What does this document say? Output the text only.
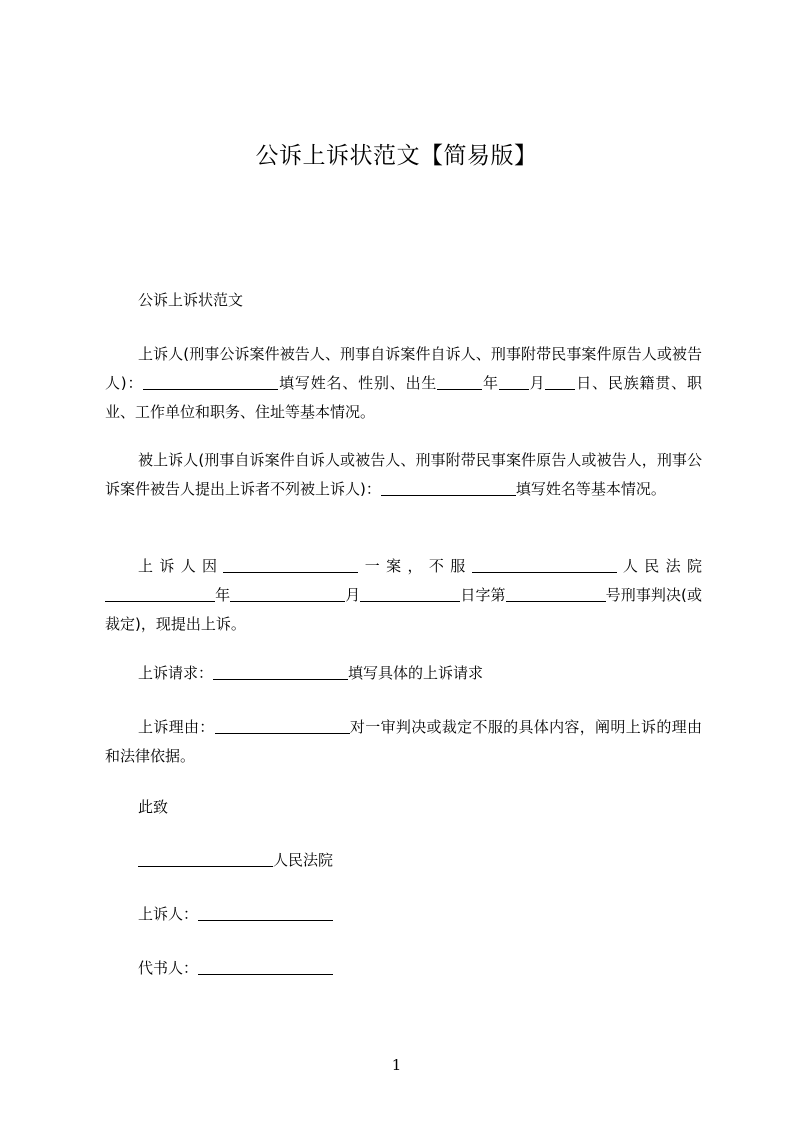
公诉上诉状范文【简易版】
公诉上诉状范文
上诉人(刑事公诉案件被告人、刑事自诉案件自诉人、刑事附带民事案件原告人或被告人)：	填写姓名、性别、出生	年 月 日、民族籍贯、职业、工作单位和职务、住址等基本情况。
被上诉人(刑事自诉案件自诉人或被告人、刑事附带民事案件原告人或被告人，刑事公诉案件被告人提出上诉者不列被上诉人)：	填写姓名等基本情况。
上诉人因	一案，不服	人民法院年	月	日字第	号刑事判决(或裁定)，现提出上诉。
上诉请求：	填写具体的上诉请求
上诉理由：	对一审判决或裁定不服的具体内容，阐明上诉的理由和法律依据。
此致
人民法院
上诉人：
代书人：
1
